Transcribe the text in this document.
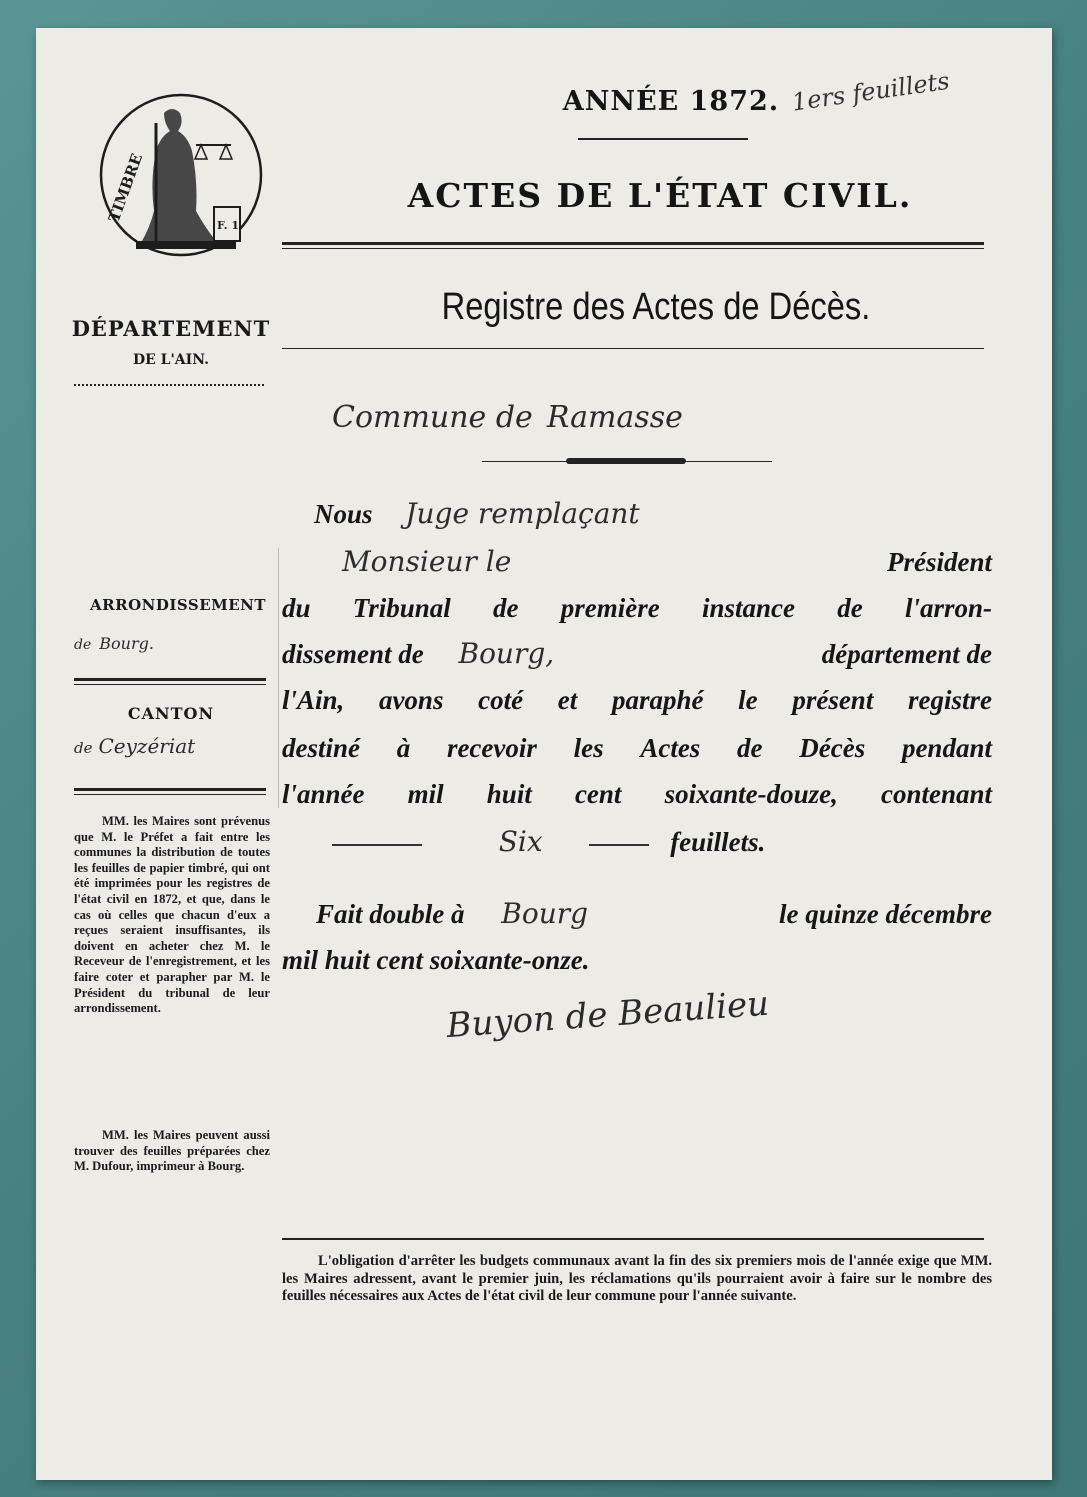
TIMBRE
F. 1.
ANNÉE 1872. 1ers feuillets
ACTES DE L'ÉTAT CIVIL.
Registre des Actes de Décès.
Commune de Ramasse
DÉPARTEMENT
DE L'AIN.
ARRONDISSEMENT
de Bourg.
CANTON
de Ceyzériat

MM. les Maires sont prévenus que M. le Préfet a fait entre les communes la distribution de toutes les feuilles de papier timbré, qui ont été imprimées pour les registres de l'état civil en 1872, et que, dans le cas où celles que chacun d'eux a reçues seraient insuffisantes, ils doivent en acheter chez M. le Receveur de l'enregistrement, et les faire coter et parapher par M. le Président du tribunal de leur arrondissement.

MM. les Maires peuvent aussi trouver des feuilles préparées chez M. Dufour, imprimeur à Bourg.

Nous Juge remplaçant
Monsieur le	Président
du Tribunal de première instance de l'arron-
dissement de Bourg,	département de
l'Ain, avons coté et paraphé le présent registre
destiné à recevoir les Actes de Décès pendant
l'année mil huit cent soixante-douze, contenant
Six	feuillets.
Fait double à Bourg	le quinze décembre
mil huit cent soixante-onze.
Buyon de Beaulieu

L'obligation d'arrêter les budgets communaux avant la fin des six premiers mois de l'année exige que MM. les Maires adressent, avant le premier juin, les réclamations qu'ils pourraient avoir à faire sur le nombre des feuilles nécessaires aux Actes de l'état civil de leur commune pour l'année suivante.
